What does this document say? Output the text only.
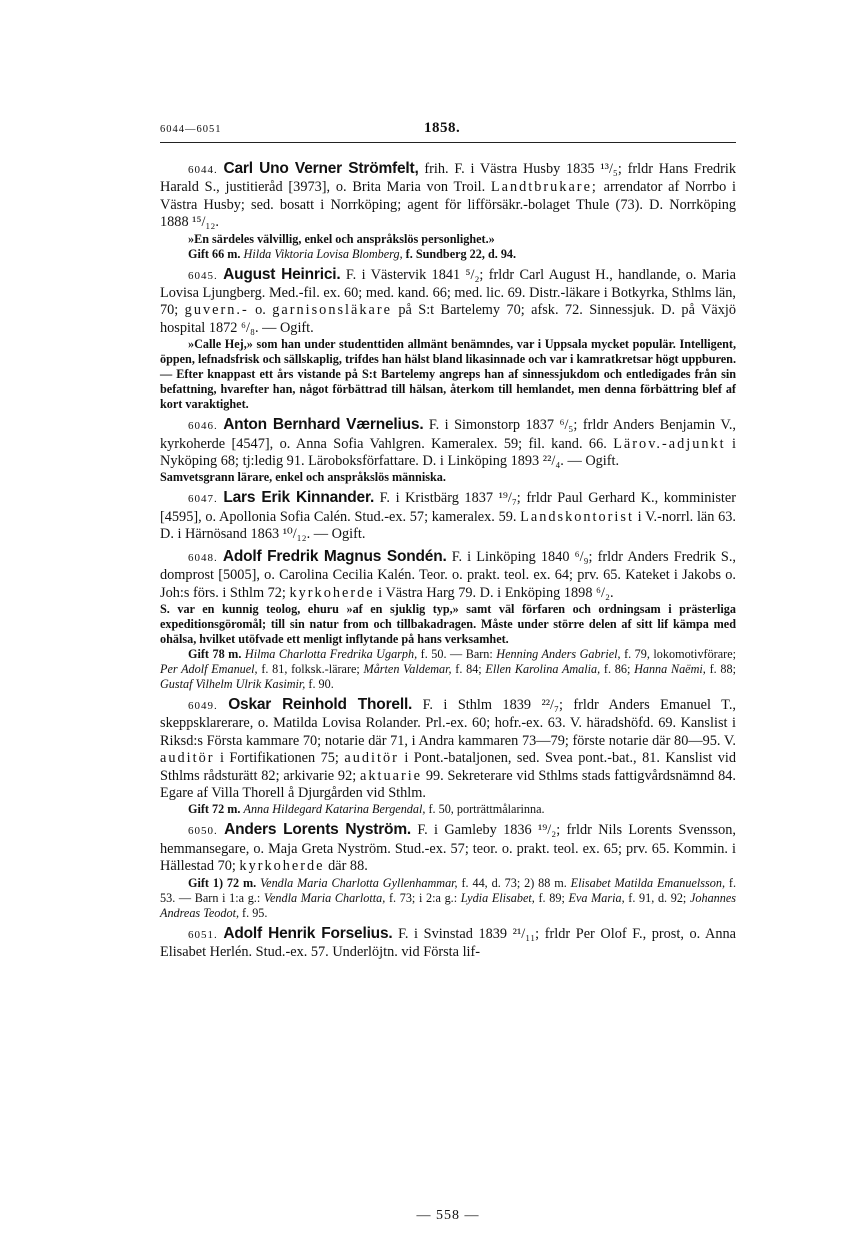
6044—6051	1858.
6044. Carl Uno Verner Strömfelt, frih. F. i Västra Husby 1835 ¹³/₅; frldr Hans Fredrik Harald S., justitieråd [3973], o. Brita Maria von Troil. Landtbrukare; arrendator af Norrbo i Västra Husby; sed. bosatt i Norrköping; agent för lifförsäkr.-bolaget Thule (73). D. Norrköping 1888 ¹⁵/₁₂.
»En särdeles välvillig, enkel och anspråkslös personlighet.»
Gift 66 m. Hilda Viktoria Lovisa Blomberg, f. Sundberg 22, d. 94.
6045. August Heinrici. F. i Västervik 1841 ⁵/₂; frldr Carl August H., handlande, o. Maria Lovisa Ljungberg. Med.-fil. ex. 60; med. kand. 66; med. lic. 69. Distr.-läkare i Botkyrka, Sthlms län, 70; guvern.- o. garnisonsläkare på S:t Bartelemy 70; afsk. 72. Sinnessjuk. D. på Växjö hospital 1872 ⁶/₈. — Ogift.
»Calle Hej,» som han under studenttiden allmänt benämndes, var i Uppsala mycket populär. Intelligent, öppen, lefnadsfrisk och sällskaplig, trifdes han hälst bland likasinnade och var i kamratkretsar högt uppburen. — Efter knappast ett års vistande på S:t Bartelemy angreps han af sinnessjukdom och entledigades från sin befattning, hvarefter han, något förbättrad till hälsan, återkom till hemlandet, men denna förbättring blef af kort varaktighet.
6046. Anton Bernhard Værnelius. F. i Simonstorp 1837 ⁶/₅; frldr Anders Benjamin V., kyrkoherde [4547], o. Anna Sofia Vahlgren. Kameralex. 59; fil. kand. 66. Lärov.-adjunkt i Nyköping 68; tj:ledig 91. Läroboksförfattare. D. i Linköping 1893 ²²/₄. — Ogift.
Samvetsgrann lärare, enkel och anspråkslös människa.
6047. Lars Erik Kinnander. F. i Kristbärg 1837 ¹⁹/₇; frldr Paul Gerhard K., komminister [4595], o. Apollonia Sofia Calén. Stud.-ex. 57; kameralex. 59. Landskontorist i V.-norrl. län 63. D. i Härnösand 1863 ¹⁰/₁₂. — Ogift.
6048. Adolf Fredrik Magnus Sondén. F. i Linköping 1840 ⁶/₉; frldr Anders Fredrik S., domprost [5005], o. Carolina Cecilia Kalén. Teor. o. prakt. teol. ex. 64; prv. 65. Kateket i Jakobs o. Joh:s förs. i Sthlm 72; kyrkoherde i Västra Harg 79. D. i Enköping 1898 ⁶/₂.
S. var en kunnig teolog, ehuru »af en sjuklig typ,» samt väl förfaren och ordningsam i prästerliga expeditionsgöromål; till sin natur from och tillbakadragen. Måste under större delen af sitt lif kämpa med ohälsa, hvilket utöfvade ett menligt inflytande på hans verksamhet.
Gift 78 m. Hilma Charlotta Fredrika Ugarph, f. 50. — Barn: Henning Anders Gabriel, f. 79, lokomotivförare; Per Adolf Emanuel, f. 81, folksk.-lärare; Mårten Valdemar, f. 84; Ellen Karolina Amalia, f. 86; Hanna Naëmi, f. 88; Gustaf Vilhelm Ulrik Kasimir, f. 90.
6049. Oskar Reinhold Thorell. F. i Sthlm 1839 ²²/₇; frldr Anders Emanuel T., skeppsklarerare, o. Matilda Lovisa Rolander. Prl.-ex. 60; hofr.-ex. 63. V. häradshöfd. 69. Kanslist i Riksd:s Första kammare 70; notarie där 71, i Andra kammaren 73—79; förste notarie där 80—95. V. auditör i Fortifikationen 75; auditör i Pont.-bataljonen, sed. Svea pont.-bat., 81. Kanslist vid Sthlms rådsturätt 82; arkivarie 92; aktuarie 99. Sekreterare vid Sthlms stads fattigvårdsnämnd 84. Egare af Villa Thorell å Djurgården vid Sthlm.
Gift 72 m. Anna Hildegard Katarina Bergendal, f. 50, porträttmålarinna.
6050. Anders Lorents Nyström. F. i Gamleby 1836 ¹⁹/₂; frldr Nils Lorents Svensson, hemmansegare, o. Maja Greta Nyström. Stud.-ex. 57; teor. o. prakt. teol. ex. 65; prv. 65. Kommin. i Hällestad 70; kyrkoherde där 88.
Gift 1) 72 m. Vendla Maria Charlotta Gyllenhammar, f. 44, d. 73; 2) 88 m. Elisabet Matilda Emanuelsson, f. 53. — Barn i 1:a g.: Vendla Maria Charlotta, f. 73; i 2:a g.: Lydia Elisabet, f. 89; Eva Maria, f. 91, d. 92; Johannes Andreas Teodot, f. 95.
6051. Adolf Henrik Forselius. F. i Svinstad 1839 ²¹/₁₁; frldr Per Olof F., prost, o. Anna Elisabet Herlén. Stud.-ex. 57. Underlöjtn. vid Första lif-
— 558 —
